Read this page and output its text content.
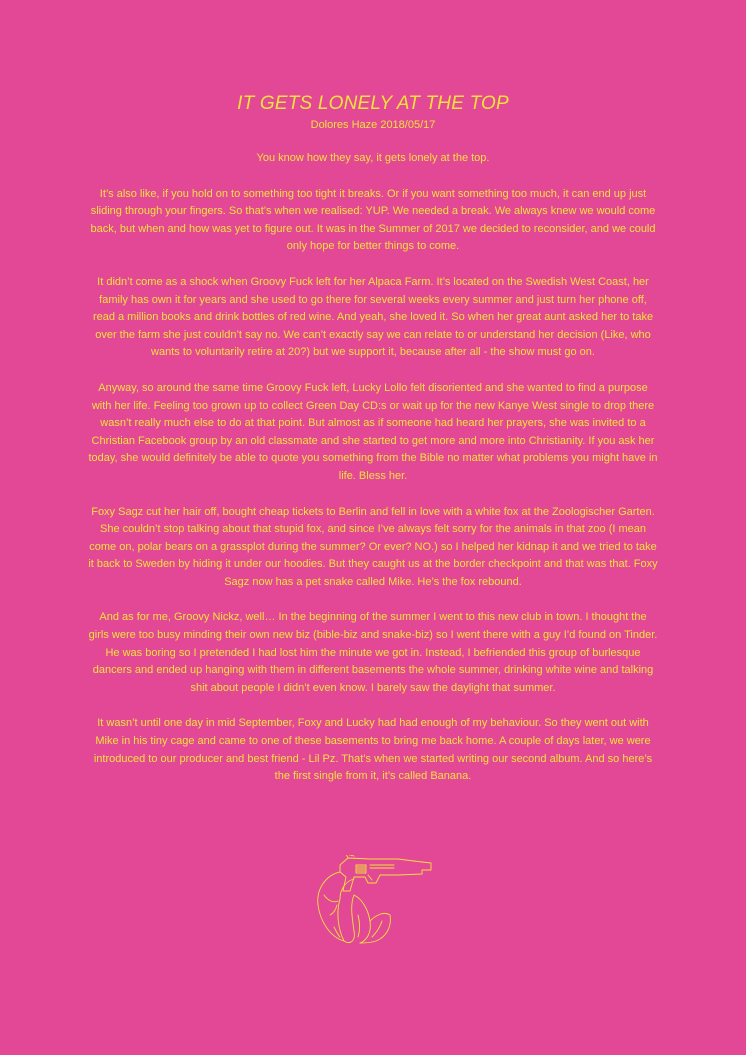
IT GETS LONELY AT THE TOP

Dolores Haze 2018/05/17

You know how they say, it gets lonely at the top.

It’s also like, if you hold on to something too tight it breaks. Or if you want something too much, it can end up just sliding through your fingers. So that’s when we realised: YUP. We needed a break. We always knew we would come back, but when and how was yet to figure out. It was in the Summer of 2017 we decided to reconsider, and we could only hope for better things to come.

It didn’t come as a shock when Groovy Fuck left for her Alpaca Farm. It’s located on the Swedish West Coast, her family has own it for years and she used to go there for several weeks every summer and just turn her phone off, read a million books and drink bottles of red wine. And yeah, she loved it. So when her great aunt asked her to take over the farm she just couldn’t say no. We can’t exactly say we can relate to or understand her decision (Like, who wants to voluntarily retire at 20?) but we support it, because after all - the show must go on.

Anyway, so around the same time Groovy Fuck left, Lucky Lollo felt disoriented and she wanted to find a purpose with her life. Feeling too grown up to collect Green Day CD:s or wait up for the new Kanye West single to drop there wasn’t really much else to do at that point. But almost as if someone had heard her prayers, she was invited to a Christian Facebook group by an old classmate and she started to get more and more into Christianity. If you ask her today, she would definitely be able to quote you something from the Bible no matter what problems you might have in life. Bless her.

Foxy Sagz cut her hair off, bought cheap tickets to Berlin and fell in love with a white fox at the Zoologischer Garten. She couldn’t stop talking about that stupid fox, and since I’ve always felt sorry for the animals in that zoo (I mean come on, polar bears on a grassplot during the summer? Or ever? NO.) so I helped her kidnap it and we tried to take it back to Sweden by hiding it under our hoodies. But they caught us at the border checkpoint and that was that. Foxy Sagz now has a pet snake called Mike. He’s the fox rebound.

And as for me, Groovy Nickz, well… In the beginning of the summer I went to this new club in town. I thought the girls were too busy minding their own new biz (bible-biz and snake-biz) so I went there with a guy I’d found on Tinder. He was boring so I pretended I had lost him the minute we got in. Instead, I befriended this group of burlesque dancers and ended up hanging with them in different basements the whole summer, drinking white wine and talking shit about people I didn’t even know. I barely saw the daylight that summer.

It wasn’t until one day in mid September, Foxy and Lucky had had enough of my behaviour. So they went out with Mike in his tiny cage and came to one of these basements to bring me back home. A couple of days later, we were introduced to our producer and best friend - Lil Pz. That’s when we started writing our second album. And so here’s the first single from it, it’s called Banana.
